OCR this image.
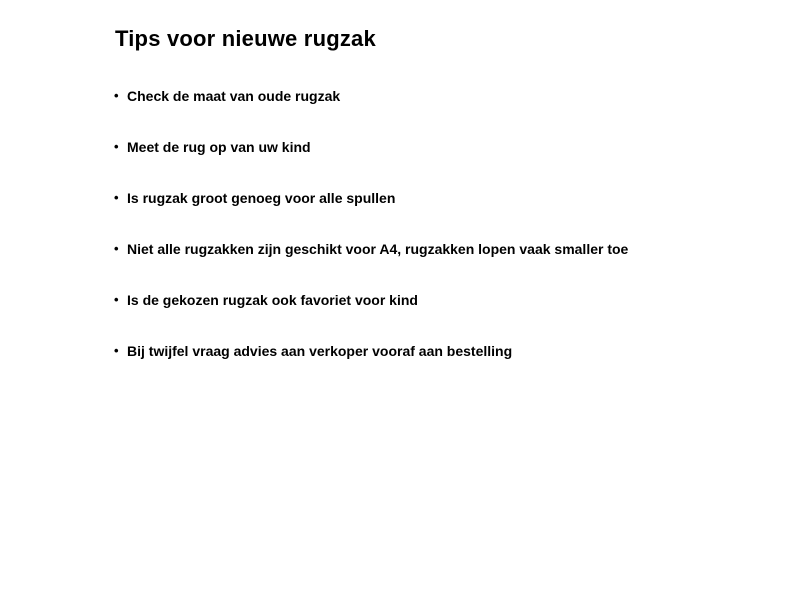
Tips voor nieuwe rugzak
• Check de maat van oude rugzak
• Meet de rug op van uw kind
• Is rugzak groot genoeg voor alle spullen
• Niet alle rugzakken zijn geschikt voor A4, rugzakken lopen vaak smaller toe
• Is de gekozen rugzak ook favoriet voor kind
• Bij twijfel vraag advies aan verkoper vooraf aan bestelling
